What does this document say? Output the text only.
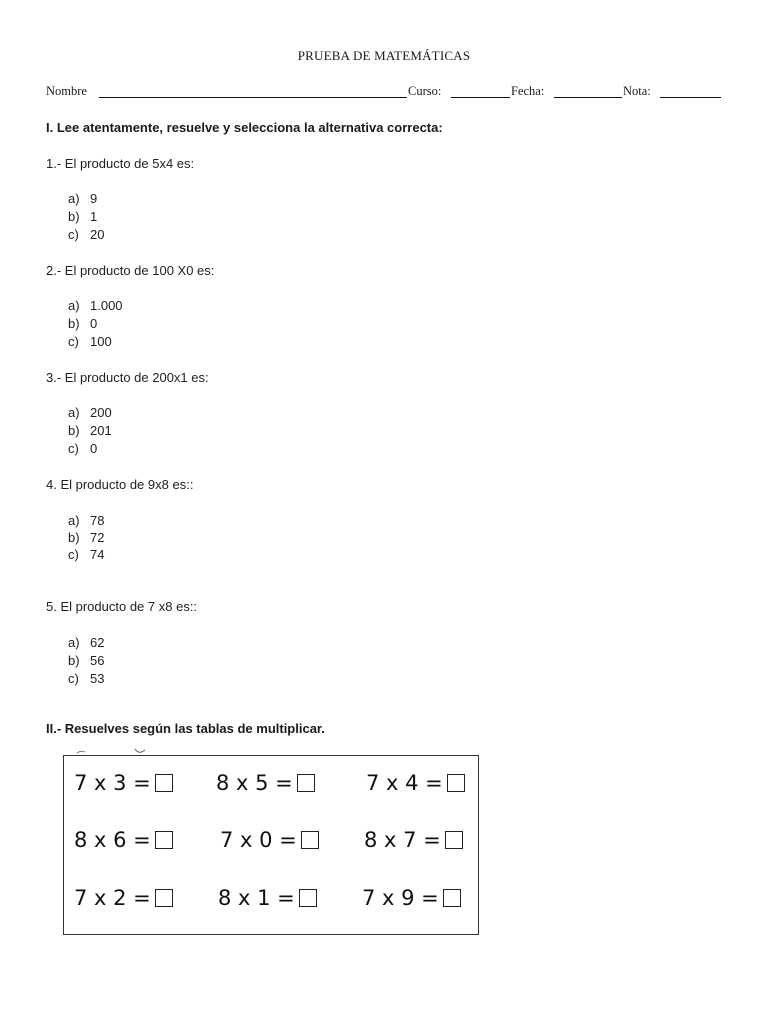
PRUEBA DE MATEMÁTICAS
Nombre	Curso:	Fecha:	Nota:
I. Lee atentamente, resuelve y selecciona la alternativa correcta:
1.- El producto de 5x4 es:
a) 9
b) 1
c) 20
2.- El producto de 100 X0 es:
a) 1.000
b) 0
c) 100
3.- El producto de 200x1 es:
a) 200
b) 201
c) 0
4. El producto de 9x8 es::
a) 78
b) 72
c) 74
5. El producto de 7 x8 es::
a) 62
b) 56
c) 53
II.- Resuelves según las tablas de multiplicar.
7 x 3 =	8 x 5 =	7 x 4 =
8 x 6 =	7 x 0 =	8 x 7 =
7 x 2 =	8 x 1 =	7 x 9 =
